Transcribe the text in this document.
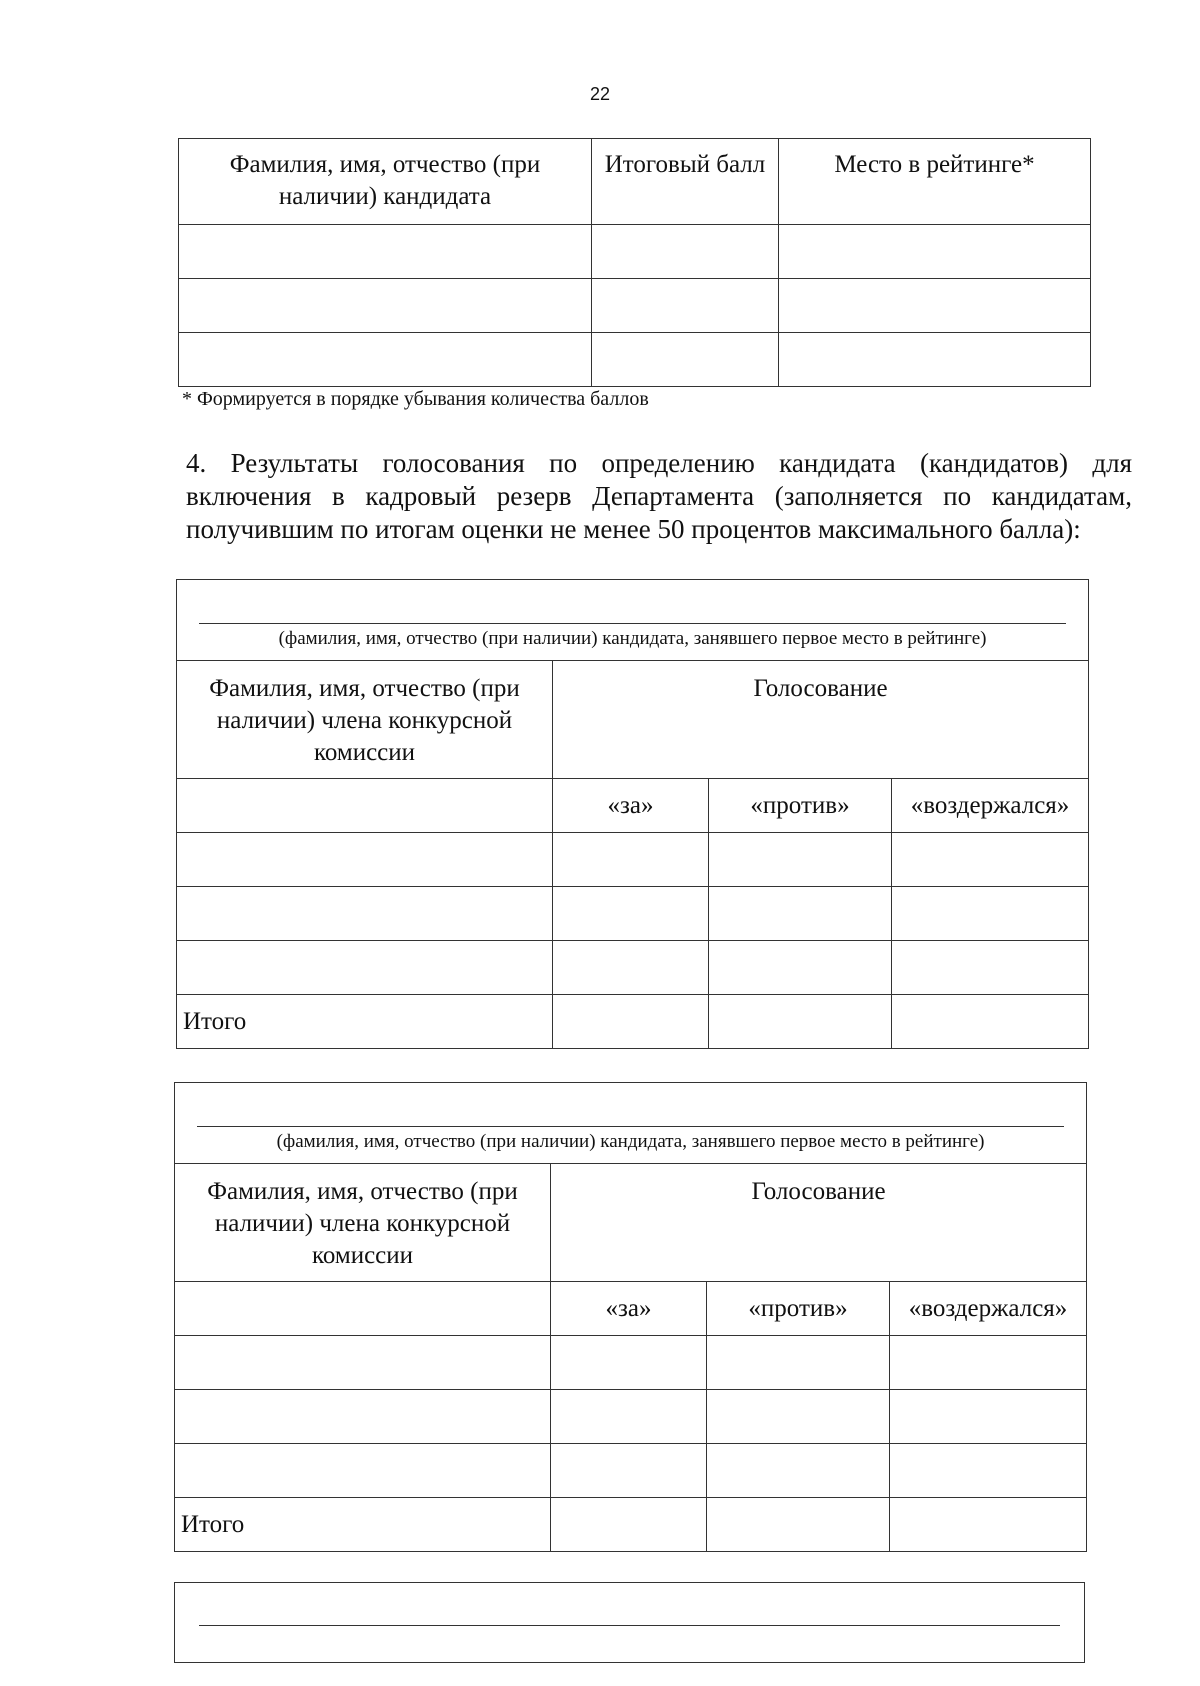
22
Фамилия, имя, отчество (при наличии) кандидата	Итоговый балл	Место в рейтинге*

* Формируется в порядке убывания количества баллов
4. Результаты голосования по определению кандидата (кандидатов) для включения в кадровый резерв Департамента (заполняется по кандидатам, получившим по итогам оценки не менее 50 процентов максимального балла):
(фамилия, имя, отчество (при наличии) кандидата, занявшего первое место в рейтинге)			

Фамилия, имя, отчество (при наличии) члена конкурсной комиссии	Голосование		
	«за»	«против»	«воздержался»

Итого			
(фамилия, имя, отчество (при наличии) кандидата, занявшего первое место в рейтинге)			

Фамилия, имя, отчество (при наличии) члена конкурсной комиссии	Голосование		
	«за»	«против»	«воздержался»

Итого			
